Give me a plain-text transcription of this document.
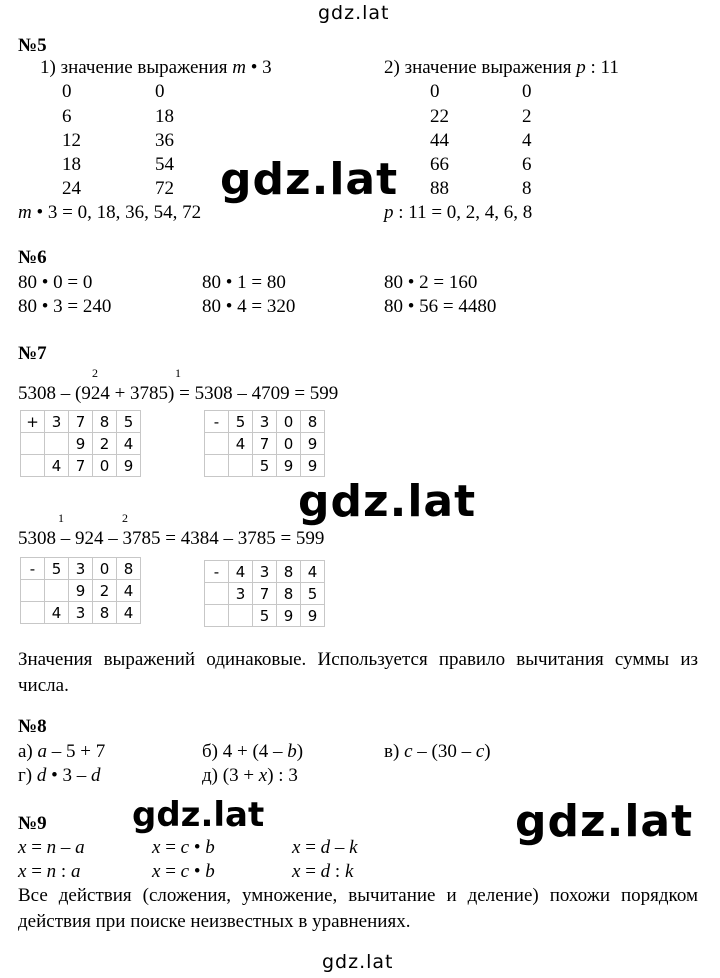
gdz.lat
gdz.lat
№5
1) значение выражения m • 3	2) значение выражения p : 11
0	0
6	18
12	36
18	54
24	72
0	0
22	2
44	4
66	6
88	8
gdz.lat
m • 3 = 0, 18, 36, 54, 72	p : 11 = 0, 2, 4, 6, 8
№6
80 • 0 = 0	80 • 1 = 80	80 • 2 = 160
80 • 3 = 240	80 • 4 = 320	80 • 56 = 4480
№7
2	1
5308 – (924 + 3785) = 5308 – 4709 = 599
+	3	7	8	5
		9	2	4
	4	7	0	9
-	5	3	0	8
	4	7	0	9
		5	9	9
gdz.lat
1	2
5308 – 924 – 3785 = 4384 – 3785 = 599
-	5	3	0	8
		9	2	4
	4	3	8	4
-	4	3	8	4
	3	7	8	5
		5	9	9
Значения выражений одинаковые. Используется правило вычитания суммы из числа.
№8
а) a – 5 + 7	б) 4 + (4 – b)	в) c – (30 – c)
г) d • 3 – d	д) (3 + x) : 3
gdz.lat	gdz.lat
№9
x = n – a	x = c • b	x = d – k
x = n : a	x = c • b	x = d : k
Все действия (сложения, умножение, вычитание и деление) похожи порядком действия при поиске неизвестных в уравнениях.
